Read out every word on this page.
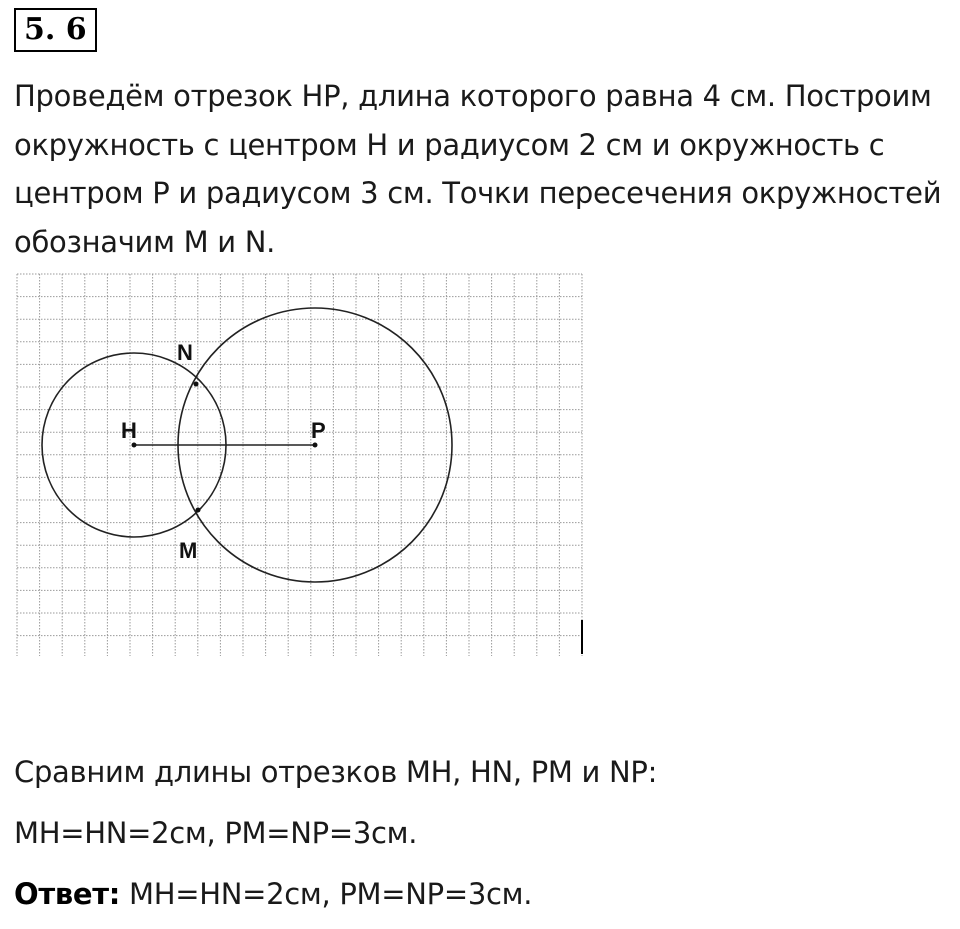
5. 6

Проведём отрезок HP, длина которого равна 4 см. Построим окружность с центром H и радиусом 2 см и окружность с центром P и радиусом 3 см. Точки пересечения окружностей обозначим M и N.

H	P
N
M

Сравним длины отрезков MH, HN, PM и NP:

MH=HN=2см, PM=NP=3см.

Ответ: MH=HN=2см, PM=NP=3см.
